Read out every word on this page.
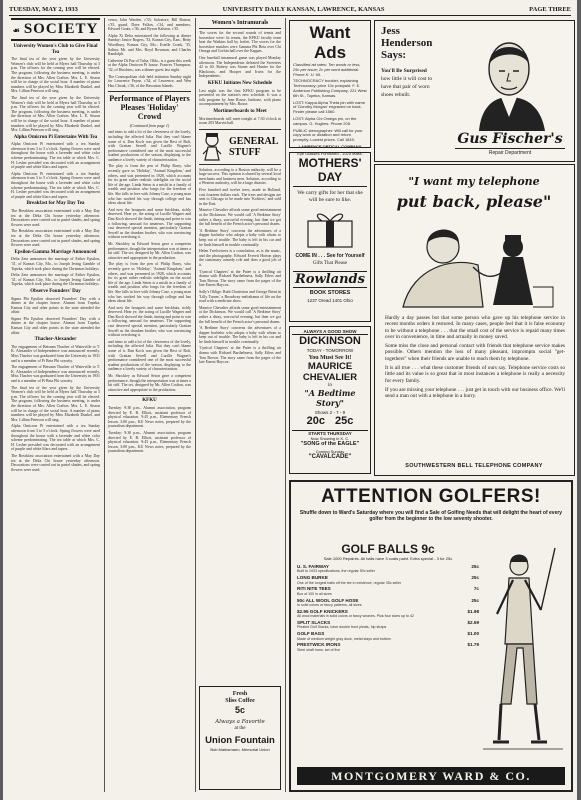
TUESDAY, MAY 2, 1933	UNIVERSITY DAILY KANSAN, LAWRENCE, KANSAS	PAGE THREE
☙ SOCIETY

University Women's Club to Give Final Tea

The final tea of the year given by the University Women's club will be held at Myers hall Thursday at 3 p.m. The officers for the coming year will be elected. The program, following the business meeting, is under the direction of Mrs. Allen Crafton. Mrs. L. E. Sisson will be in charge of the social hour. A number of piano numbers will be played by Miss Elizabeth Dunkel, and Mrs. Lillian Peterson will sing.

The final tea of the year given by the University Women's club will be held at Myers hall Thursday at 3 p.m. The officers for the coming year will be elected. The program, following the business meeting, is under the direction of Mrs. Allen Crafton. Mrs. L. E. Sisson will be in charge of the social hour. A number of piano numbers will be played by Miss Elizabeth Dunkel, and Mrs. Lillian Peterson will sing.

Alpha Omicron Pi Entertains With Tea

Alpha Omicron Pi entertained with a tea Sunday afternoon from 3 to 5 o'clock. Spring flowers were used throughout the house with a lavender and white color scheme predominating. The tea table at which Mrs. C. H. Lesher presided was decorated with an arrangement of purple and white lilacs and tapers.

Alpha Omicron Pi entertained with a tea Sunday afternoon from 3 to 5 o'clock. Spring flowers were used throughout the house with a lavender and white color scheme predominating. The tea table at which Mrs. C. H. Lesher presided was decorated with an arrangement of purple and white lilacs and tapers.

Breakfast for May Day Tea

The Breakfast association entertained with a May Day tea at the Delta Chi house yesterday afternoon. Decorations were carried out in pastel shades, and spring flowers were used.

The Breakfast association entertained with a May Day tea at the Delta Chi house yesterday afternoon. Decorations were carried out in pastel shades, and spring flowers were used.

Epsilon-Gamma Marriage Announced

Delta Zeta announces the marriage of Esther Epsilon, '31, of Kansas City, Mo., to Joseph Irving Gamble of Topeka, which took place during the Christmas holidays.

Delta Zeta announces the marriage of Esther Epsilon, '31, of Kansas City, Mo., to Joseph Irving Gamble of Topeka, which took place during the Christmas holidays.

Observe Founders' Day

Sigma Phi Epsilon observed Founders' Day with a dinner at the chapter house. Alumni from Topeka, Kansas City and other points in the state attended the affair.

Sigma Phi Epsilon observed Founders' Day with a dinner at the chapter house. Alumni from Topeka, Kansas City and other points in the state attended the affair.

Thacher-Alexander

The engagement of Betsann Thacher of Waterville to T. K. Alexander of Independence was announced recently. Miss Thacher was graduated from the University in 1931 and is a member of Pi Beta Phi sorority.

The engagement of Betsann Thacher of Waterville to T. K. Alexander of Independence was announced recently. Miss Thacher was graduated from the University in 1931 and is a member of Pi Beta Phi sorority.

The final tea of the year given by the University Women's club will be held at Myers hall Thursday at 3 p.m. The officers for the coming year will be elected. The program, following the business meeting, is under the direction of Mrs. Allen Crafton. Mrs. L. E. Sisson will be in charge of the social hour. A number of piano numbers will be played by Miss Elizabeth Dunkel, and Mrs. Lillian Peterson will sing.

Alpha Omicron Pi entertained with a tea Sunday afternoon from 3 to 5 o'clock. Spring flowers were used throughout the house with a lavender and white color scheme predominating. The tea table at which Mrs. C. H. Lesher presided was decorated with an arrangement of purple and white lilacs and tapers.

The Breakfast association entertained with a May Day tea at the Delta Chi house yesterday afternoon. Decorations were carried out in pastel shades, and spring flowers were used.

venor, John Warden, c'33; Salvatore, Bill Barton, c'35, guard, Dave Fallon, c'34, and members, Edward Goatz, c'36, and Byron Kalston, c'35.

Alpha Xi Delta entertained the following at dinner Sunday: Janice Rogers, '33, Kansas City, Kan.; Betty Woodbury, Kansas City, Mo.; Estelle Cronk, '35, Salina; Mr. and Mrs. Boyd Bowman, and Charles Randolph.

Catherine Di Paz of Tulsa, Okla., is a guest this week at the Alpha Omicron Pi house. Frances Thompson, '32, of Hutchins, was a dinner guest last night.

The Cosmopolitan club held initiation Sunday night for Lawrence Payne, c'34, of Lawrence, and Wen Hsu Chouk, c'36, of the Hawaiian Islands.

Performance of Players Pleases 'Holiday' Crowd

(Continued from page 1)

and trims to add a lot of the cleverness of the lovely, including the affected Julia. But they can't blame some of it. Dan Koch was given the Best of Bolt, with Grattan Sewell and Lucille Wagner's performance considered one of the most successful student productions of the season, displaying to the audience a lovely variety of characterization.

The play is from the pen of Philip Barry, who recently gave us 'Holiday', 'Animal Kingdom,' and others, and was presented in 1928, which accounts for its great rather realistic sidelights on the social life of the age. Linda Seton is a misfit in a family of wealth and position who longs for the freedom of life. She falls in love with Johnny Case, a young man who has worked his way through college and has ideas about life.

And now the bouquets and some brickbats, richly deserved. Hear ye, the acting of Lucille Wagner and Dan Koch showed the finish, timing and poise to win a following, unusual for amateurs. The supporting cast deserved special mention, particularly Grattan Sewell as the drunken brother, who was convincing without overdoing it.

Mr. Shockley as Edward Seton gave a competent performance, though the interpretation was at times a bit stiff. The set, designed by Mr. Allen Crafton, was attractive and appropriate to the production.

The play is from the pen of Philip Barry, who recently gave us 'Holiday', 'Animal Kingdom,' and others, and was presented in 1928, which accounts for its great rather realistic sidelights on the social life of the age. Linda Seton is a misfit in a family of wealth and position who longs for the freedom of life. She falls in love with Johnny Case, a young man who has worked his way through college and has ideas about life.

And now the bouquets and some brickbats, richly deserved. Hear ye, the acting of Lucille Wagner and Dan Koch showed the finish, timing and poise to win a following, unusual for amateurs. The supporting cast deserved special mention, particularly Grattan Sewell as the drunken brother, who was convincing without overdoing it.

and trims to add a lot of the cleverness of the lovely, including the affected Julia. But they can't blame some of it. Dan Koch was given the Best of Bolt, with Grattan Sewell and Lucille Wagner's performance considered one of the most successful student productions of the season, displaying to the audience a lovely variety of characterization.

Mr. Shockley as Edward Seton gave a competent performance, though the interpretation was at times a bit stiff. The set, designed by Mr. Allen Crafton, was attractive and appropriate to the production.

KFKU

Tuesday: 9:30 p.m., Alumni association, program directed by E. B. Elliott, assistant professor of physical education. 9:45 p.m., Elementary French lesson. 3:00 p.m., KU News notes, prepared by the journalism department.

Tuesday: 9:30 p.m., Alumni association, program directed by E. B. Elliott, assistant professor of physical education. 9:45 p.m., Elementary French lesson. 3:00 p.m., KU News notes, prepared by the journalism department.

Women's Intramurals

The scores for the second rounds of tennis and horseshoe were: In tennis, the KFKU faculty team beat the Watkins hall by forfeit. The scores for the horseshoe matches were Gamma Phi Beta over Chi Omega and Corbin hall over the Kappas.

One baseball intramural game was played Monday afternoon. The Independents defeated the Sweetees 42 to 40. Battery was Stoner and Hunter for the Blackouts, and Hooper and Irwin for the Independents.

KFKU Initiates New Schedule

Last night was the first KFKU program to be presented on the station's new schedule. It was a folk program by Jean Rouse, baritone, with piano accompaniment by Mrs. Rouse.

Mortimerboards to Meet

Mortimerboards will meet tonight at 7:30 o'clock in room 203 Marvin hall.

GENERAL STUFF

Solution, according to a Boston authority, will be a huge success. This opinion is shared by several local merchants and business men. Solution, according to a Western authority, will be a huge disaster.

Five hundred and twelve trees, made in Holland, cost fourteen dollars each. The trees and designs are sent to Chicago to be made into 'Koltiers,' and sold in the East.

Maurice Chevalier affords some good entertainment at the Dickinson. We would call 'A Bedtime Story' rather a dizzy, sorrowful evening, but then we got the full benefit of the French actor's personal charm.

'A Bedtime Story' concerns the adventures of a dapper bachelor who adopts a baby with whom to keep out of trouble. The baby is left in his car and he finds himself in trouble continually.

Helen Twelvetrees is a consolation, as is the music, and the photography. Edward Everett Horton plays the customary comedy role and does a good job of it.

'Cynical Chapters' at the Patee is a thrilling air drama with Richard Barthelmess, Sally Eilers and Tom Brown. The story came from the pages of the late Ernest Haycox.

Sally's Oblige: Ruth Chatterton and George Brent in 'Lilly Turner,' a Broadway melodrama of life on the road with a medicine show.

Maurice Chevalier affords some good entertainment at the Dickinson. We would call 'A Bedtime Story' rather a dizzy, sorrowful evening, but then we got the full benefit of the French actor's personal charm.

'A Bedtime Story' concerns the adventures of a dapper bachelor who adopts a baby with whom to keep out of trouble. The baby is left in his car and he finds himself in trouble continually.

'Cynical Chapters' at the Patee is a thrilling air drama with Richard Barthelmess, Sally Eilers and Tom Brown. The story came from the pages of the late Ernest Haycox.

Want Ads

Classified ad rates: Ten words or less, 25c per issue; 2c per word additional. Phone K. U. 66.

TECHNOCRACY booklet, explaining Technocracy; price 10c postpaid. F. E. Anderson Publishing Company, 221 West 6th St., Topeka, Kansas.

LOST: Kappa Alpha Theta pin with name of 'Dorothy Morgan' engraved on back. Finder please call 1560.

LOST: Alpha Chi Omega pin, on the campus. G. Hughes. Phone 205.

PUBLIC stenographer: Will call for your copy work or dictation and return promptly. Lowest prices. Call 1849.

LAWRENCE OPTICAL COMPANY

Eye Glasses Furnished - 1025 Mass.

Jess
Henderson
Says:
You'll Be Surprised
how little it will cost to have that pair of worn shoes rebuilt.
Gus Fischer's
Repair Department
MOTHERS' DAY
We carry gifts for her that she will be sure to like.
COME IN . . . See for Yourself
Gifts That Please
Rowlands
BOOK STORES
1237 Oread 1401 Ohio
"I want my telephone
put back, please"

Hardly a day passes but that some person who gave up his telephone service in recent months orders it restored. In many cases, people feel that it is false economy to be without a telephone . . . that the small cost of the service is repaid many times over in convenience, in time and actually in money saved.

Some miss the close and personal contact with friends that telephone service makes possible. Others mention the loss of many pleasant, impromptu social "get-togethers" when their friends are unable to reach them by telephone.

It is all true . . . what these customer friends of ours say. Telephone service costs so little and its value is so great that in most instances a telephone is really a necessity for every family.

If you are missing your telephone . . . just get in touch with our business office. We'll send a man out with a telephone in a hurry.

SOUTHWESTERN BELL TELEPHONE COMPANY
ALWAYS A GOOD SHOW
DICKINSON
TODAY - TOMORROW
You Must See It!
MAURICE
CHEVALIER
in
"A Bedtime Story"
Shows 2 - 7 - 9
20c 25c
STARTS THURSDAY
Now Showing in K. C.
"SONG of the EAGLE"
Coming Sunday
"CAVALCADE"
ATTENTION GOLFERS!
Shuffle down to Ward's Saturday where you will find a Sale of Golfing Needs that will delight the heart of every golfer from the beginner to the low seventy shooter.
GOLF BALLS 9c
Sale 1000 Repaints. All balls have 3 coats paint. Extra special - 3 for 25c
U. S. FAIRWAY	25c
Built to 1933 specifications, the regular 50c seller
LONG BURKE	25c
One of the longest balls off the tee in existence, regular 35c seller
RITI NITE TEES	7c
Box of 100 in all sizes
50c ALL WOOL GOLF HOSE	25c
In solid colors or fancy patterns, all sizes
$2.95 GOLF KNICKERS	$1.98
All wool materials in solid colors or fancy weaves. Plus four sizes up to 42
SPLIT SLACKS	$2.59
Pleated Golf Slacks, have double front pleats, hip straps
GOLF BAGS	$1.00
Made of medium weight gray duck, metal stays and bottom
PRESTWICK IRONS	$1.79
Steel shaft irons, set of five
MONTGOMERY WARD & CO.
Fresh
Sliss Coffee
5c
Always a Favorite
at the
Union Fountain
Bob Marksmann, Memorial Union
